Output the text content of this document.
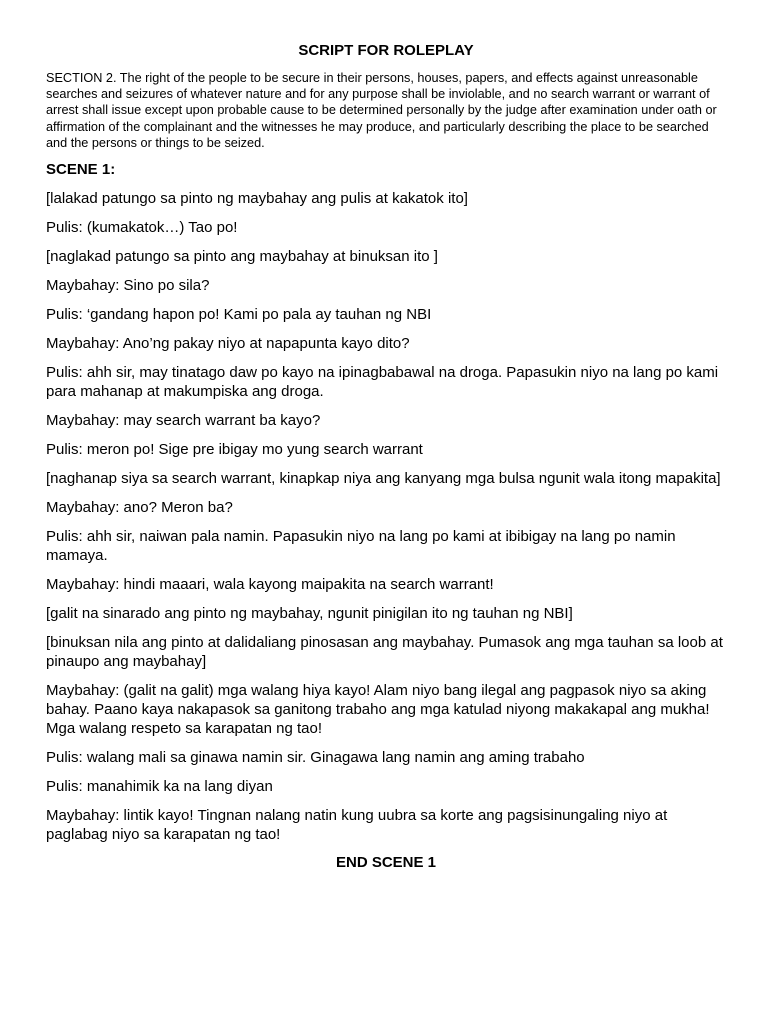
SCRIPT FOR ROLEPLAY
SECTION 2. The right of the people to be secure in their persons, houses, papers, and effects against unreasonable searches and seizures of whatever nature and for any purpose shall be inviolable, and no search warrant or warrant of arrest shall issue except upon probable cause to be determined personally by the judge after examination under oath or affirmation of the complainant and the witnesses he may produce, and particularly describing the place to be searched and the persons or things to be seized.
SCENE 1:

[lalakad patungo sa pinto ng maybahay ang pulis at kakatok ito]

Pulis: (kumakatok…) Tao po!

[naglakad patungo sa pinto ang maybahay at binuksan ito ]

Maybahay: Sino po sila?

Pulis: ‘gandang hapon po! Kami po pala ay tauhan ng NBI

Maybahay: Ano’ng pakay niyo at napapunta kayo dito?

Pulis: ahh sir, may tinatago daw po kayo na ipinagbabawal na droga. Papasukin niyo na lang po kami para mahanap at makumpiska ang droga.

Maybahay: may search warrant ba kayo?

Pulis: meron po! Sige pre ibigay mo yung search warrant

[naghanap siya sa search warrant, kinapkap niya ang kanyang mga bulsa ngunit wala itong mapakita]

Maybahay: ano? Meron ba?

Pulis: ahh sir, naiwan pala namin. Papasukin niyo na lang po kami at ibibigay na lang po namin mamaya.

Maybahay: hindi maaari, wala kayong maipakita na search warrant!

[galit na sinarado ang pinto ng maybahay, ngunit pinigilan ito ng tauhan ng NBI]

[binuksan nila ang pinto at dalidaliang pinosasan ang maybahay. Pumasok ang mga tauhan sa loob at pinaupo ang maybahay]

Maybahay: (galit na galit) mga walang hiya kayo! Alam niyo bang ilegal ang pagpasok niyo sa aking bahay. Paano kaya nakapasok sa ganitong trabaho ang mga katulad niyong makakapal ang mukha! Mga walang respeto sa karapatan ng tao!

Pulis: walang mali sa ginawa namin sir. Ginagawa lang namin ang aming trabaho

Pulis: manahimik ka na lang diyan

Maybahay: lintik kayo! Tingnan nalang natin kung uubra sa korte ang pagsisinungaling niyo at paglabag niyo sa karapatan ng tao!

END SCENE 1
